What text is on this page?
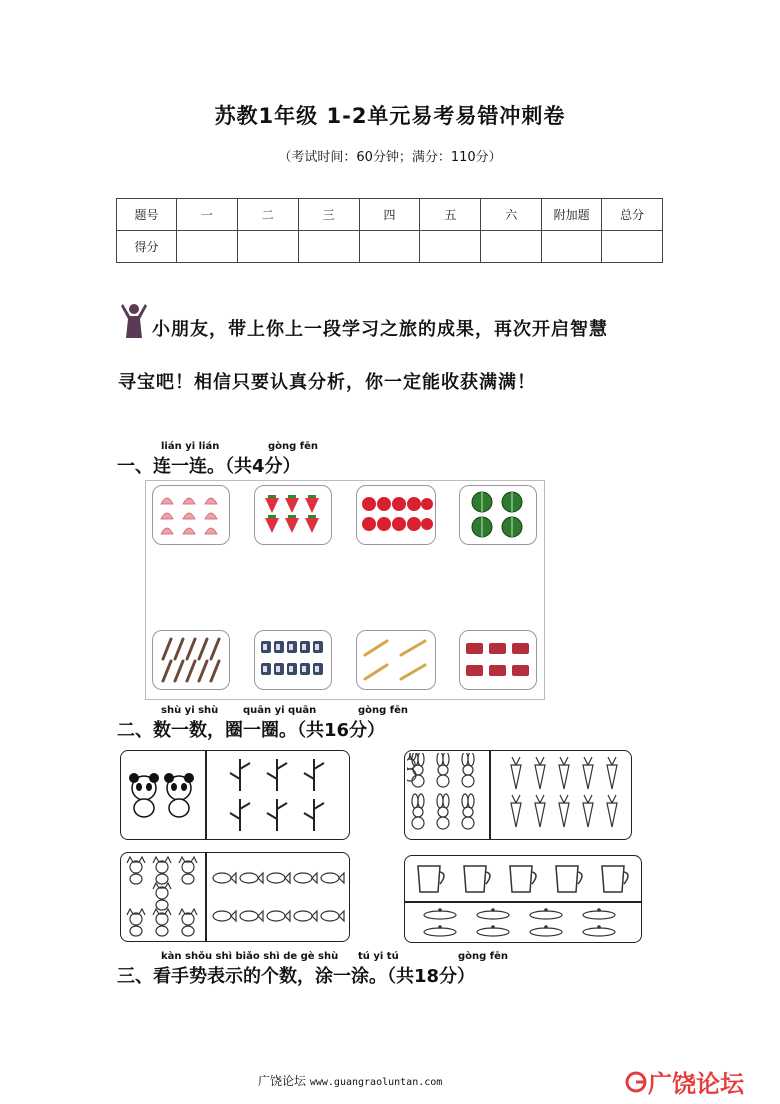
苏教1年级 1-2单元易考易错冲刺卷
（考试时间：60分钟；满分：110分）
题号	一	二	三	四	五	六	附加题	总分
得分								
小朋友，带上你上一段学习之旅的成果，再次开启智慧
寻宝吧！相信只要认真分析，你一定能收获满满！
lián yi lián	gòng fēn
一、连一连。（共4分）
shù yi shù quān yi quān	gòng fēn
二、数一数，圈一圈。（共16分）
kàn shǒu shì biǎo shì de gè shù tú yi tú	gòng fēn
三、看手势表示的个数，涂一涂。（共18分）
广饶论坛 www.guangraoluntan.com	广饶论坛
